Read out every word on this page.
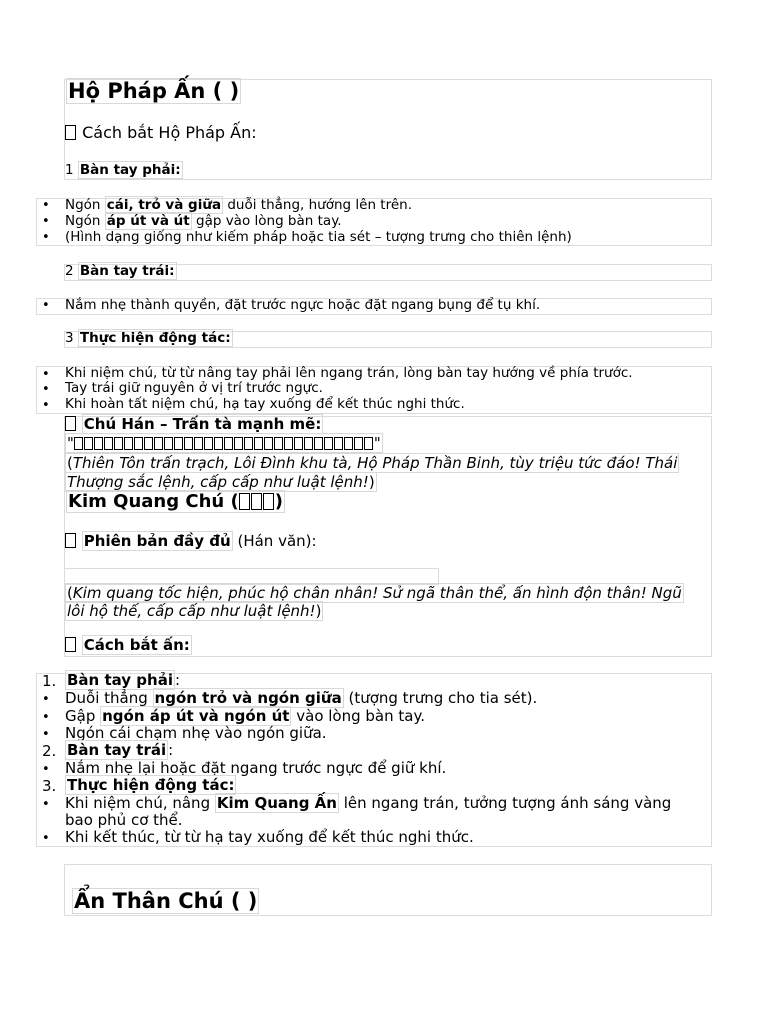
Hộ Pháp Ấn ( )
Cách bắt Hộ Pháp Ấn:
1 Bàn tay phải:
• Ngón cái, trỏ và giữa duỗi thẳng, hướng lên trên.
• Ngón áp út và út gập vào lòng bàn tay.
• (Hình dạng giống như kiếm pháp hoặc tia sét – tượng trưng cho thiên lệnh)
2 Bàn tay trái:
• Nắm nhẹ thành quyền, đặt trước ngực hoặc đặt ngang bụng để tụ khí.
3 Thực hiện động tác:
• Khi niệm chú, từ từ nâng tay phải lên ngang trán, lòng bàn tay hướng về phía trước.
• Tay trái giữ nguyên ở vị trí trước ngực.
• Khi hoàn tất niệm chú, hạ tay xuống để kết thúc nghi thức.
Chú Hán – Trấn tà mạnh mẽ:
"	"
(Thiên Tôn trấn trạch, Lôi Đình khu tà, Hộ Pháp Thần Binh, tùy triệu tức đáo! Thái
Thượng sắc lệnh, cấp cấp như luật lệnh!)
Kim Quang Chú ( )
Phiên bản đầy đủ (Hán văn):
(Kim quang tốc hiện, phúc hộ chân nhân! Sử ngã thân thể, ấn hình độn thân! Ngũ
lôi hộ thế, cấp cấp như luật lệnh!)
Cách bắt ấn:
1. Bàn tay phải :
• Duỗi thẳng ngón trỏ và ngón giữa (tượng trưng cho tia sét).
• Gập ngón áp út và ngón út vào lòng bàn tay.
• Ngón cái chạm nhẹ vào ngón giữa.
2. Bàn tay trái :
• Nắm nhẹ lại hoặc đặt ngang trước ngực để giữ khí.
3. Thực hiện động tác:
• Khi niệm chú, nâng Kim Quang Ấn lên ngang trán, tưởng tượng ánh sáng vàng
bao phủ cơ thể.
• Khi kết thúc, từ từ hạ tay xuống để kết thúc nghi thức.
Ẩn Thân Chú ( )
